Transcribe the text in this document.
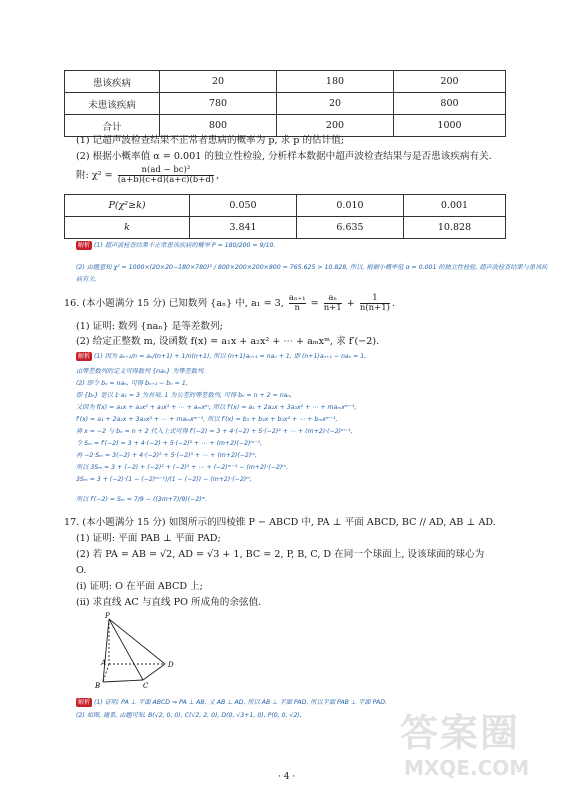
患该疾病	20	180	200
未患该疾病	780	20	800
合计	800	200	1000
(1) 记超声波检查结果不正常者患病的概率为 p, 求 p 的估计值;
(2) 根据小概率值 α = 0.001 的独立性检验, 分析样本数据中超声波检查结果与是否患该疾病有关.
附: $\chi^2 = \frac{\text{n(ad − bc)²}}{(a+b)(c+d)(a+c)(b+d)}$ ,
P(χ²≥k)	0.050	0.010	0.001
k	3.841	6.635	10.828
解析 (1) 超声波检查结果不正常患该疾病的概率 P = 180/200 = 9/10.
(2) 由题意知 χ² = 1000×(20×20−180×780)² / 800×200×200×800 = 765.625 > 10.828, 所以, 根据小概率值 α = 0.001 的独立性检验, 超声波检查结果与患该疾
病有关.
16. (本小题满分 15 分) 已知数列 {aₙ} 中, a₁ = 3, $\frac{\text{aₙ₊₁}}{n} = \frac{\text{aₙ}}{n+1} + \frac{1}{n(n+1)}$ .
(1) 证明: 数列 {naₙ} 是等差数列;
(2) 给定正整数 m, 设函数 f(x) = a₁x + a₂x² + ⋯ + aₘxᵐ, 求 f′(−2).
解析 (1) 因为 aₙ₊₁/n = aₙ/(n+1) + 1/n(n+1), 所以 (n+1)aₙ₊₁ = naₙ + 1, 即 (n+1)aₙ₊₁ − naₙ = 1,
由等差数列的定义可得数列 {naₙ} 为等差数列.
(2) 即令 bₙ = naₙ, 可得 bₙ₊₁ − bₙ = 1,
即 {bₙ} 是以 1·a₁ = 3 为首项, 1 为公差的等差数列, 可得 bₙ = n + 2 = naₙ,
又因为 f(x) = a₁x + a₂x² + a₃x³ + ⋯ + aₘxᵐ, 所以 f′(x) = a₁ + 2a₂x + 3a₃x² + ⋯ + maₘxᵐ⁻¹,
f′(x) = a₁ + 2a₂x + 3a₃x² + ⋯ + maₘxᵐ⁻¹, 所以 f′(x) = b₁ + b₂x + b₃x² + ⋯ + bₘxᵐ⁻¹,
将 x = −2 与 bₙ = n + 2 代入上式可得 f′(−2) = 3 + 4·(−2) + 5·(−2)² + ⋯ + (m+2)·(−2)ᵐ⁻¹,
令 Sₘ = f′(−2) = 3 + 4·(−2) + 5·(−2)² + ⋯ + (m+2)(−2)ᵐ⁻¹,
再 −2·Sₘ = 3(−2) + 4·(−2)² + 5·(−2)³ + ⋯ + (m+2)(−2)ᵐ,
所以 3Sₘ = 3 + (−2) + (−2)² + (−2)³ + ⋯ + (−2)ᵐ⁻¹ − (m+2)·(−2)ᵐ,
3Sₘ = 3 + (−2)·(1 − (−2)ᵐ⁻¹)/(1 − (−2)) − (m+2)·(−2)ᵐ,
所以 f′(−2) = Sₘ = 7/9 − ((3m+7)/9)(−2)ᵐ.
17. (本小题满分 15 分) 如图所示的四棱锥 P − ABCD 中, PA ⊥ 平面 ABCD, BC // AD, AB ⊥ AD.
(1) 证明: 平面 PAB ⊥ 平面 PAD;
(2) 若 PA = AB = √2, AD = √3 + 1, BC = 2, P, B, C, D 在同一个球面上, 设该球面的球心为
O.
(i) 证明: O 在平面 ABCD 上;
(ii) 求直线 AC 与直线 PO 所成角的余弦值.
P
A
B	C
D
解析 (1) 证明: PA ⊥ 平面 ABCD ⇒ PA ⊥ AB, 又 AB ⊥ AD, 所以 AB ⊥ 平面 PAD, 所以平面 PAB ⊥ 平面 PAD.
(2) 如图, 建系, 由题可知, B(√2, 0, 0), C(√2, 2, 0), D(0, √3+1, 0), P(0, 0, √2),	答案圈
MXQE.COM
· 4 ·
